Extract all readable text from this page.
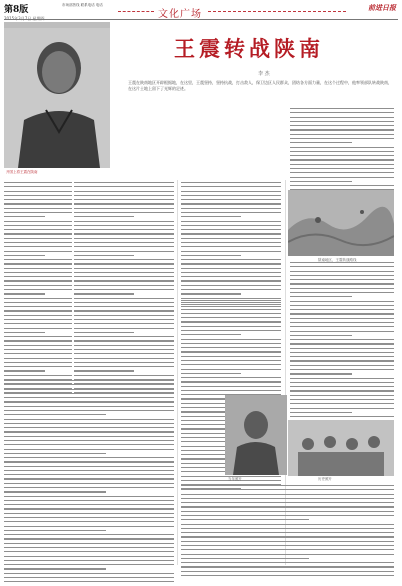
第8版
2015年3月7日 星期四
市场部热线 联系电话 电话
文化广场
前进日报
开国上将王震在陕南
王震转战陕南
李 杰
王震在陕南地区开辟根据地，在这里，王震坚持，坚持抗战，打击敌人，保卫边区人民群众，团结各方面力量，在这个过程中，他率领部队转战陕南，在这片土地上留下了光辉的足迹。
陕南地区，王震转战路线
当年照片	历史照片
